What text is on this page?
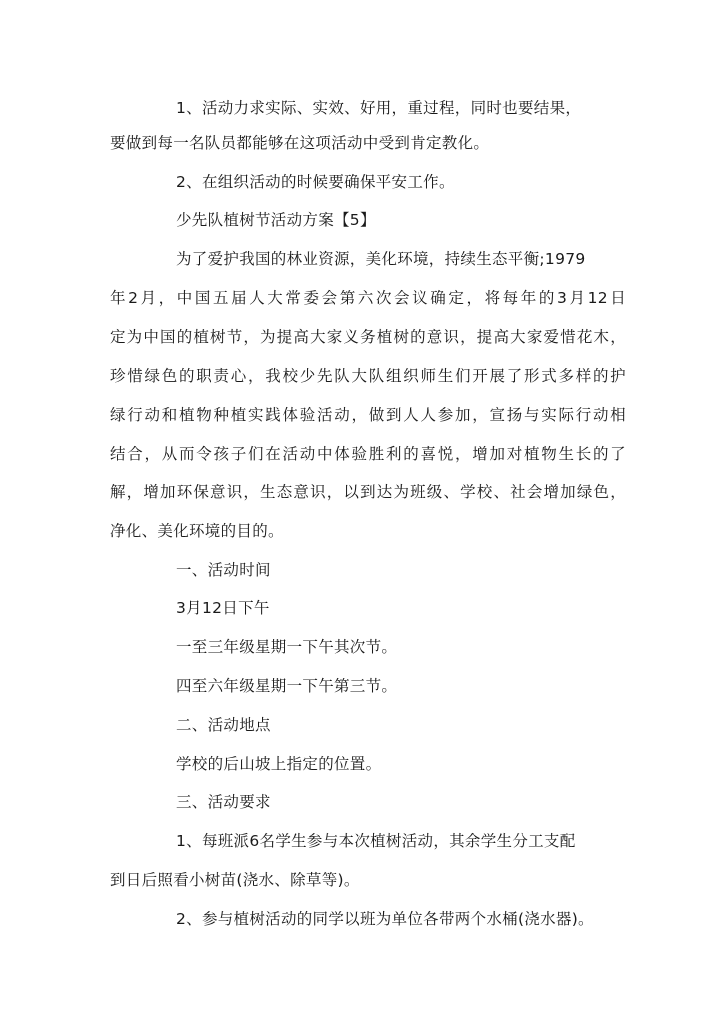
1、活动力求实际、实效、好用，重过程，同时也要结果，
要做到每一名队员都能够在这项活动中受到肯定教化。
2、在组织活动的时候要确保平安工作。
少先队植树节活动方案【5】
为了爱护我国的林业资源，美化环境，持续生态平衡;1979
年2月，中国五届人大常委会第六次会议确定，将每年的3月12日
定为中国的植树节，为提高大家义务植树的意识，提高大家爱惜花木，
珍惜绿色的职责心，我校少先队大队组织师生们开展了形式多样的护
绿行动和植物种植实践体验活动，做到人人参加，宣扬与实际行动相
结合，从而令孩子们在活动中体验胜利的喜悦，增加对植物生长的了
解，增加环保意识，生态意识，以到达为班级、学校、社会增加绿色，
净化、美化环境的目的。
一、活动时间
3月12日下午
一至三年级星期一下午其次节。
四至六年级星期一下午第三节。
二、活动地点
学校的后山坡上指定的位置。
三、活动要求
1、每班派6名学生参与本次植树活动，其余学生分工支配
到日后照看小树苗(浇水、除草等)。
2、参与植树活动的同学以班为单位各带两个水桶(浇水器)。
